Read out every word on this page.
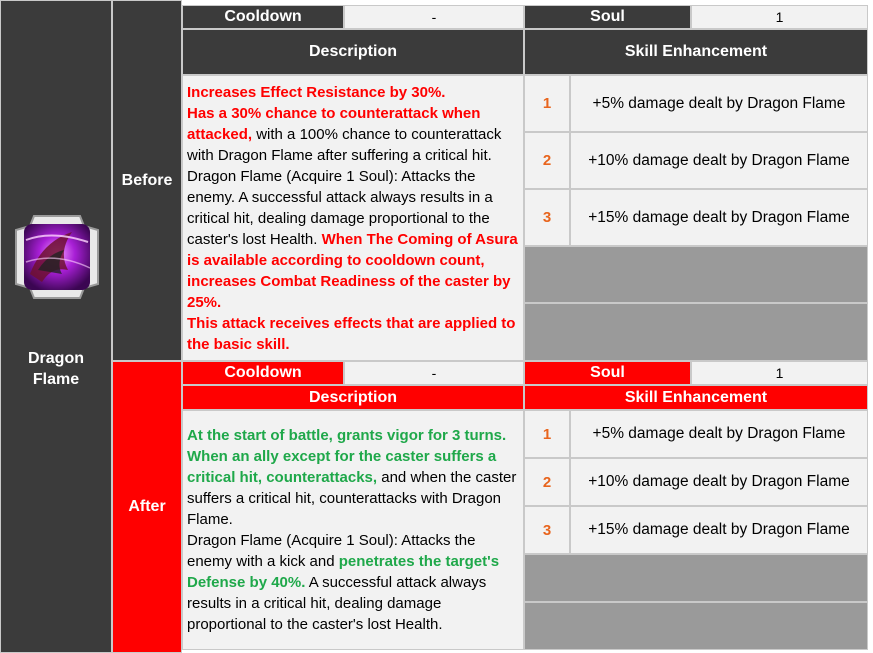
Dragon
Flame
Before
Cooldown	-	Soul	1
Description	Skill Enhancement
Increases Effect Resistance by 30%.
Has a 30% chance to counterattack when attacked, with a 100% chance to counterattack with Dragon Flame after suffering a critical hit.
Dragon Flame (Acquire 1 Soul): Attacks the enemy. A successful attack always results in a critical hit, dealing damage proportional to the caster's lost Health. When The Coming of Asura is available according to cooldown count, increases Combat Readiness of the caster by 25%.
This attack receives effects that are applied to the basic skill.
1	+5% damage dealt by Dragon Flame
2	+10% damage dealt by Dragon Flame
3	+15% damage dealt by Dragon Flame
After
Cooldown	-	Soul	1
Description	Skill Enhancement
At the start of battle, grants vigor for 3 turns.
When an ally except for the caster suffers a critical hit, counterattacks, and when the caster suffers a critical hit, counterattacks with Dragon Flame.
Dragon Flame (Acquire 1 Soul): Attacks the enemy with a kick and penetrates the target's Defense by 40%. A successful attack always results in a critical hit, dealing damage proportional to the caster's lost Health.
1	+5% damage dealt by Dragon Flame
2	+10% damage dealt by Dragon Flame
3	+15% damage dealt by Dragon Flame
